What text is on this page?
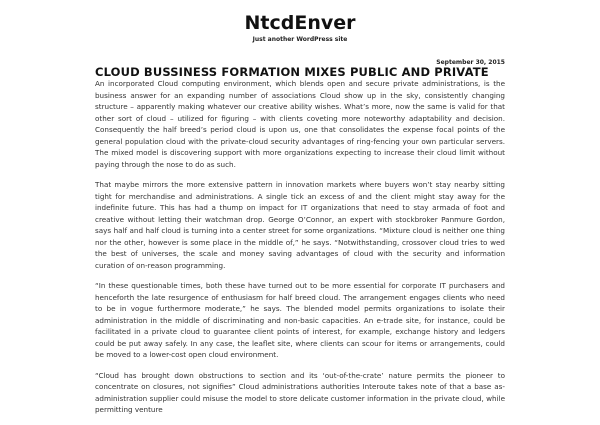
NtcdEnver
Just another WordPress site
CLOUD BUSSINESS FORMATION MIXES PUBLIC AND PRIVATE
September 30, 2015

An incorporated Cloud computing environment, which blends open and secure private administrations, is the business answer for an expanding number of associations Cloud show up in the sky, consistently changing structure – apparently making whatever our creative ability wishes. What’s more, now the same is valid for that other sort of cloud – utilized for figuring – with clients coveting more noteworthy adaptability and decision. Consequently the half breed’s period cloud is upon us, one that consolidates the expense focal points of the general population cloud with the private-cloud security advantages of ring-fencing your own particular servers. The mixed model is discovering support with more organizations expecting to increase their cloud limit without paying through the nose to do as such.

That maybe mirrors the more extensive pattern in innovation markets where buyers won’t stay nearby sitting tight for merchandise and administrations. A single tick an excess of and the client might stay away for the indefinite future. This has had a thump on impact for IT organizations that need to stay armada of foot and creative without letting their watchman drop. George O’Connor, an expert with stockbroker Panmure Gordon, says half and half cloud is turning into a center street for some organizations. “Mixture cloud is neither one thing nor the other, however is some place in the middle of,” he says. “Notwithstanding, crossover cloud tries to wed the best of universes, the scale and money saving advantages of cloud with the security and information curation of on-reason programming.

“In these questionable times, both these have turned out to be more essential for corporate IT purchasers and henceforth the late resurgence of enthusiasm for half breed cloud. The arrangement engages clients who need to be in vogue furthermore moderate,” he says. The blended model permits organizations to isolate their administration in the middle of discriminating and non-basic capacities. An e-trade site, for instance, could be facilitated in a private cloud to guarantee client points of interest, for example, exchange history and ledgers could be put away safely. In any case, the leaflet site, where clients can scour for items or arrangements, could be moved to a lower-cost open cloud environment.

“Cloud has brought down obstructions to section and its ‘out-of-the-crate’ nature permits the pioneer to concentrate on closures, not signifies” Cloud administrations authorities Interoute takes note of that a base as-administration supplier could misuse the model to store delicate customer information in the private cloud, while permitting venture
